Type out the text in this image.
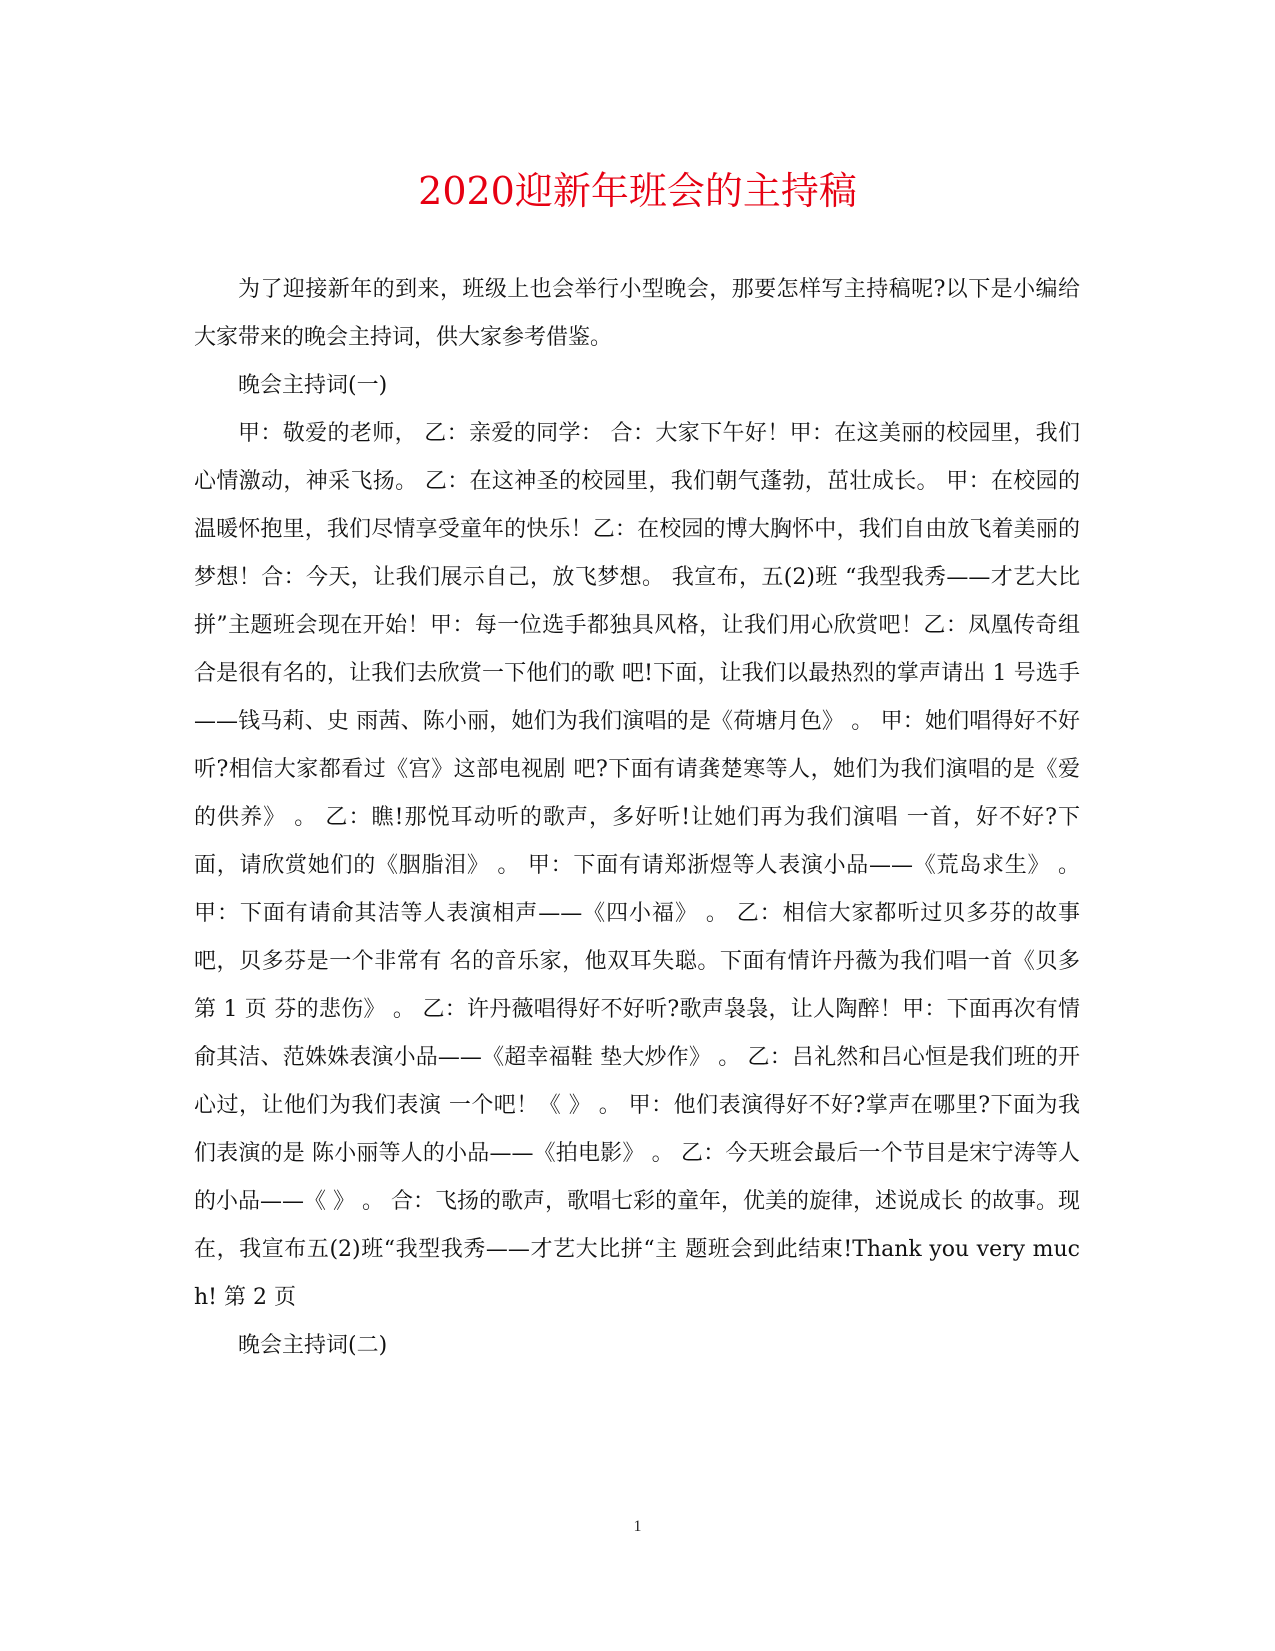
2020迎新年班会的主持稿

为了迎接新年的到来，班级上也会举行小型晚会，那要怎样写主持稿呢?以下是小编给大家带来的晚会主持词，供大家参考借鉴。

晚会主持词(一)

甲：敬爱的老师， 乙：亲爱的同学： 合：大家下午好！甲：在这美丽的校园里，我们心情激动，神采飞扬。 乙：在这神圣的校园里，我们朝气蓬勃，茁壮成长。 甲：在校园的温暖怀抱里，我们尽情享受童年的快乐！乙：在校园的博大胸怀中，我们自由放飞着美丽的梦想！合：今天，让我们展示自己，放飞梦想。 我宣布，五(2)班 “我型我秀——才艺大比拼”主题班会现在开始！甲：每一位选手都独具风格，让我们用心欣赏吧！乙：凤凰传奇组合是很有名的，让我们去欣赏一下他们的歌 吧!下面，让我们以最热烈的掌声请出 1 号选手——钱马莉、史 雨茜、陈小丽，她们为我们演唱的是《荷塘月色》 。 甲：她们唱得好不好听?相信大家都看过《宫》这部电视剧 吧?下面有请龚楚寒等人，她们为我们演唱的是《爱的供养》 。 乙：瞧!那悦耳动听的歌声，多好听!让她们再为我们演唱 一首，好不好?下面，请欣赏她们的《胭脂泪》 。 甲：下面有请郑浙煜等人表演小品——《荒岛求生》 。 甲：下面有请俞其洁等人表演相声——《四小福》 。 乙：相信大家都听过贝多芬的故事吧，贝多芬是一个非常有 名的音乐家，他双耳失聪。下面有情许丹薇为我们唱一首《贝多 第 1 页 芬的悲伤》 。 乙：许丹薇唱得好不好听?歌声袅袅，让人陶醉！甲：下面再次有情俞其洁、范姝姝表演小品——《超幸福鞋 垫大炒作》 。 乙：吕礼然和吕心恒是我们班的开心过，让他们为我们表演 一个吧！《 》 。 甲：他们表演得好不好?掌声在哪里?下面为我们表演的是 陈小丽等人的小品——《拍电影》 。 乙：今天班会最后一个节目是宋宁涛等人的小品——《 》 。 合：飞扬的歌声，歌唱七彩的童年，优美的旋律，述说成长 的故事。现在，我宣布五(2)班“我型我秀——才艺大比拼“主 题班会到此结束!Thank you very much! 第 2 页

晚会主持词(二)

1
